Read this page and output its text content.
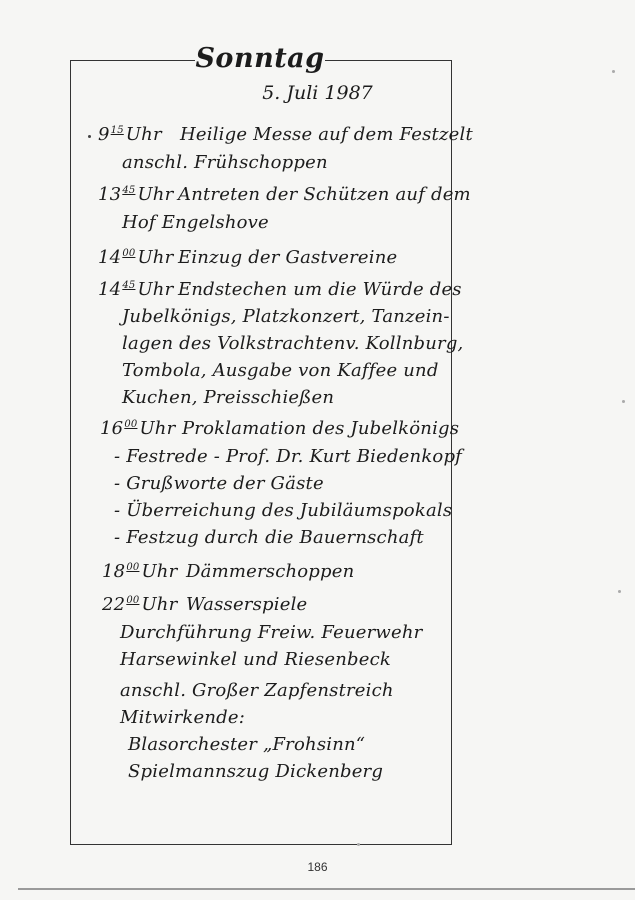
Sonntag
5. Juli 1987
$9^{15}$ Uhr Heilige Messe auf dem Festzelt
anschl. Frühschoppen
$13^{45}$ Uhr Antreten der Schützen auf dem
Hof Engelshove
$14^{00}$ Uhr Einzug der Gastvereine
$14^{45}$ Uhr Endstechen um die Würde des
Jubelkönigs, Platzkonzert, Tanzein-
lagen des Volkstrachtenv. Kollnburg,
Tombola, Ausgabe von Kaffee und
Kuchen, Preisschießen
$16^{00}$ Uhr Proklamation des Jubelkönigs
- Festrede - Prof. Dr. Kurt Biedenkopf
- Grußworte der Gäste
- Überreichung des Jubiläumspokals
- Festzug durch die Bauernschaft
$18^{00}$ Uhr Dämmerschoppen
$22^{00}$ Uhr Wasserspiele
Durchführung Freiw. Feuerwehr
Harsewinkel und Riesenbeck
anschl. Großer Zapfenstreich
Mitwirkende:
Blasorchester „Frohsinn“
Spielmannszug Dickenberg
186
